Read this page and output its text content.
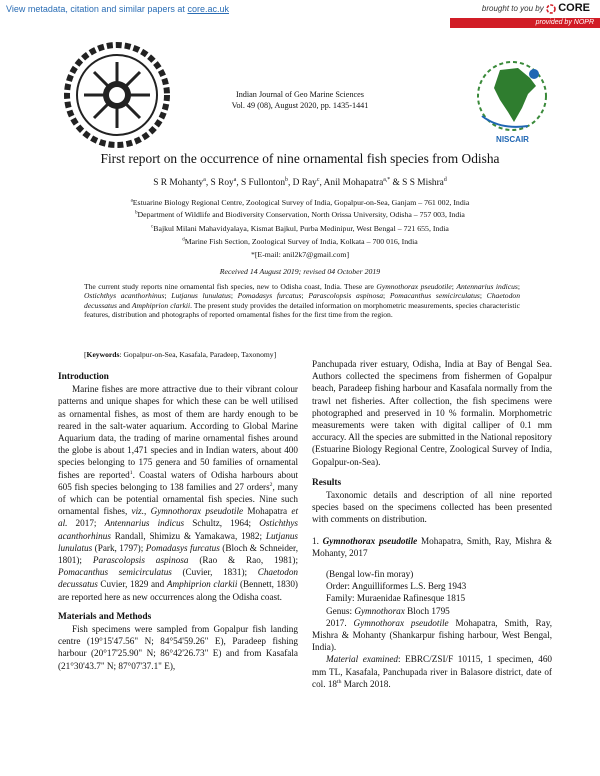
View metadata, citation and similar papers at core.ac.uk	brought to you by CORE
provided by NOPR
NISCAIR
Indian Journal of Geo Marine Sciences
Vol. 49 (08), August 2020, pp. 1435-1441
First report on the occurrence of nine ornamental fish species from Odisha
S R Mohanty$^a$, S Roy$^a$, S Fullonton$^b$, D Ray$^c$, Anil Mohapatra$^{a,*}$ & S S Mishra$^d$
$^a$Estuarine Biology Regional Centre, Zoological Survey of India, Gopalpur-on-Sea, Ganjam – 761 002, India
$^b$Department of Wildlife and Biodiversity Conservation, North Orissa University, Odisha – 757 003, India
$^c$Bajkul Milani Mahavidyalaya, Kismat Bajkul, Purba Medinipur, West Bengal – 721 655, India
$^d$Marine Fish Section, Zoological Survey of India, Kolkata – 700 016, India
*[E-mail: anil2k7@gmail.com]
Received 14 August 2019; revised 04 October 2019
The current study reports nine ornamental fish species, new to Odisha coast, India. These are Gymnothorax pseudotile; Antennarius indicus; Ostichthys acanthorhinus; Lutjanus lunulatus; Pomadasys furcatus; Parascolopsis aspinosa; Pomacanthus semicirculatus; Chaetodon decussatus and Amphiprion clarkii. The present study provides the detailed information on morphometric measurements, species characteristic features, distribution and photographs of reported ornamental fishes for the first time from the region.
[Keywords: Gopalpur-on-Sea, Kasafala, Paradeep, Taxonomy]
Introduction

Marine fishes are more attractive due to their vibrant colour patterns and unique shapes for which these can be well utilised as ornamental fishes, as most of them are hardy enough to be reared in the salt-water aquarium. According to Global Marine Aquarium data, the trading of marine ornamental fishes around the globe is about 1,471 species and in Indian waters, about 400 species belonging to 175 genera and 50 families of ornamental fishes are reported$^1$. Coastal waters of Odisha harbours about 605 fish species belonging to 138 families and 27 orders$^2$, many of which can be potential ornamental fish species. Nine such ornamental fishes, viz., Gymnothorax pseudotile Mohapatra et al. 2017; Antennarius indicus Schultz, 1964; Ostichthys acanthorhinus Randall, Shimizu & Yamakawa, 1982; Lutjanus lunulatus (Park, 1797); Pomadasys furcatus (Bloch & Schneider, 1801); Parascolopsis aspinosa (Rao & Rao, 1981); Pomacanthus semicirculatus (Cuvier, 1831); Chaetodon decussatus Cuvier, 1829 and Amphiprion clarkii (Bennett, 1830) are reported here as new occurrences along the Odisha coast.

Materials and Methods

Fish specimens were sampled from Gopalpur fish landing centre (19°15'47.56" N; 84°54'59.26" E), Paradeep fishing harbour (20°17'25.90" N; 86°42'26.73" E) and from Kasafala (21°30'43.7" N; 87°07'37.1" E),

Panchupada river estuary, Odisha, India at Bay of Bengal Sea. Authors collected the specimens from fishermen of Gopalpur beach, Paradeep fishing harbour and Kasafala normally from the trawl net fisheries. After collection, the fish specimens were photographed and preserved in 10 % formalin. Morphometric measurements were taken with digital calliper of 0.1 mm accuracy. All the species are submitted in the National repository (Estuarine Biology Regional Centre, Zoological Survey of India, Gopalpur-on-Sea).

Results

Taxonomic details and description of all nine reported species based on the specimens collected has been presented with comments on distribution.

1. Gymnothorax pseudotile Mohapatra, Smith, Ray, Mishra & Mohanty, 2017

(Bengal low-fin moray)

Order: Anguilliformes L.S. Berg 1943

Family: Muraenidae Rafinesque 1815

Genus: Gymnothorax Bloch 1795

2017. Gymnothorax pseudotile Mohapatra, Smith, Ray, Mishra & Mohanty (Shankarpur fishing harbour, West Bengal, India).

Material examined: EBRC/ZSI/F 10115, 1 specimen, 460 mm TL, Kasafala, Panchupada river in Balasore district, date of col. 18th March 2018.
